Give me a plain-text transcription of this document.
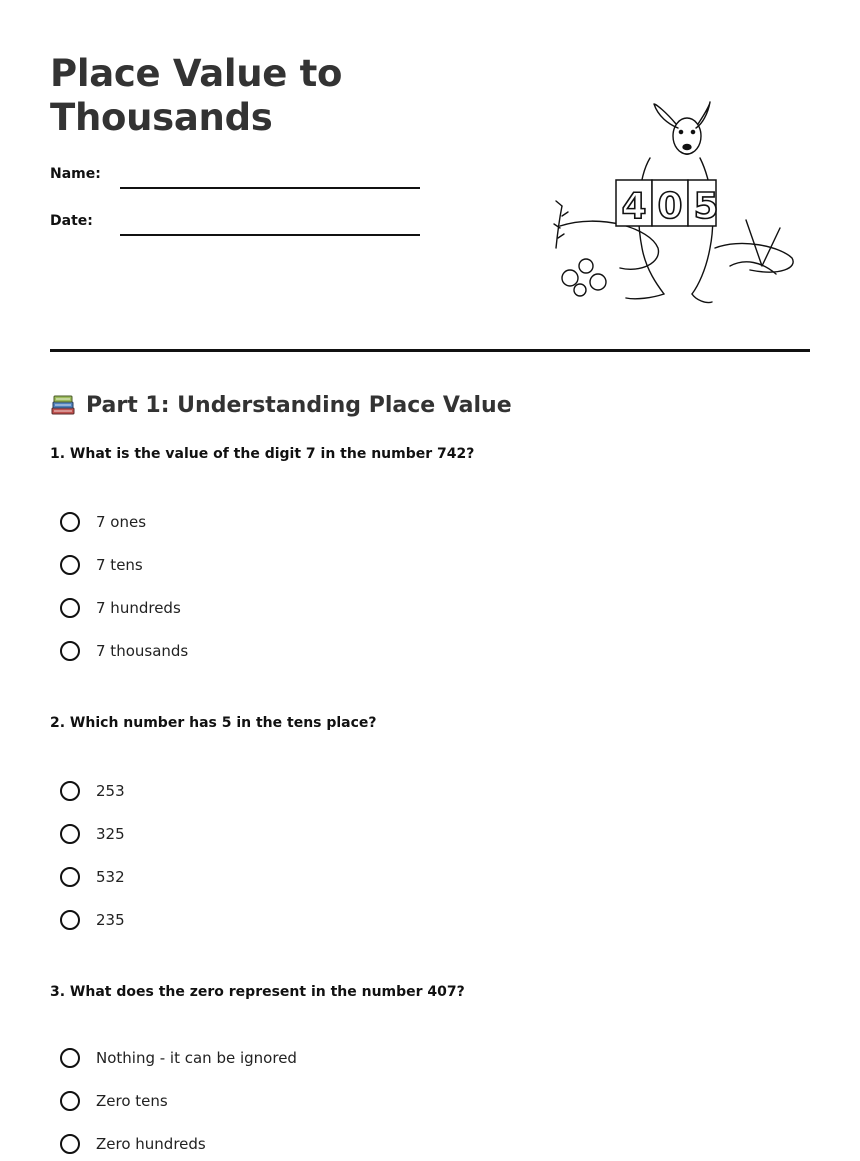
Place Value to Thousands
Name:
Date:	4 0 5
Part 1: Understanding Place Value

1. What is the value of the digit 7 in the number 742?

7 ones
7 tens
7 hundreds
7 thousands

2. Which number has 5 in the tens place?

253
325
532
235

3. What does the zero represent in the number 407?

Nothing - it can be ignored
Zero tens
Zero hundreds
